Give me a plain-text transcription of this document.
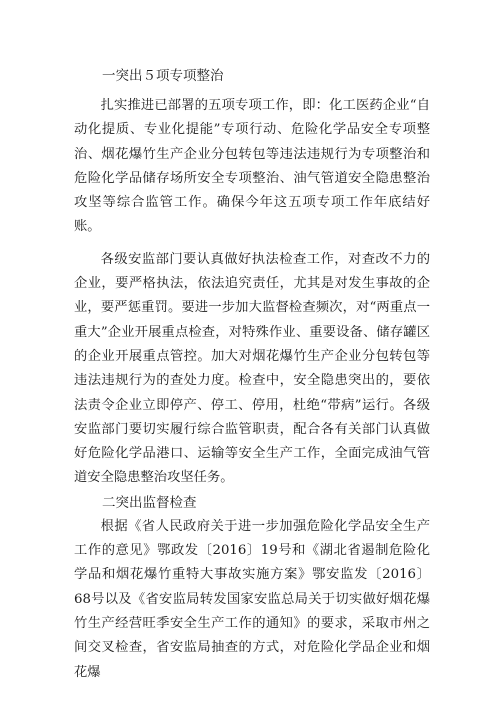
一突出５项专项整治

扎实推进已部署的五项专项工作，即：化工医药企业“自动化提质、专业化提能”专项行动、危险化学品安全专项整治、烟花爆竹生产企业分包转包等违法违规行为专项整治和危险化学品储存场所安全专项整治、油气管道安全隐患整治攻坚等综合监管工作。确保今年这五项专项工作年底结好账。

各级安监部门要认真做好执法检查工作，对查改不力的企业，要严格执法，依法追究责任，尤其是对发生事故的企业，要严惩重罚。要进一步加大监督检查频次，对“两重点一重大”企业开展重点检查，对特殊作业、重要设备、储存罐区的企业开展重点管控。加大对烟花爆竹生产企业分包转包等违法违规行为的查处力度。检查中，安全隐患突出的，要依法责令企业立即停产、停工、停用，杜绝“带病”运行。各级安监部门要切实履行综合监管职责，配合各有关部门认真做好危险化学品港口、运输等安全生产工作，全面完成油气管道安全隐患整治攻坚任务。

二突出监督检查

根据《省人民政府关于进一步加强危险化学品安全生产工作的意见》鄂政发〔2016〕19号和《湖北省遏制危险化学品和烟花爆竹重特大事故实施方案》鄂安监发〔2016〕68号以及《省安监局转发国家安监总局关于切实做好烟花爆竹生产经营旺季安全生产工作的通知》的要求，采取市州之间交叉检查，省安监局抽查的方式，对危险化学品企业和烟花爆
